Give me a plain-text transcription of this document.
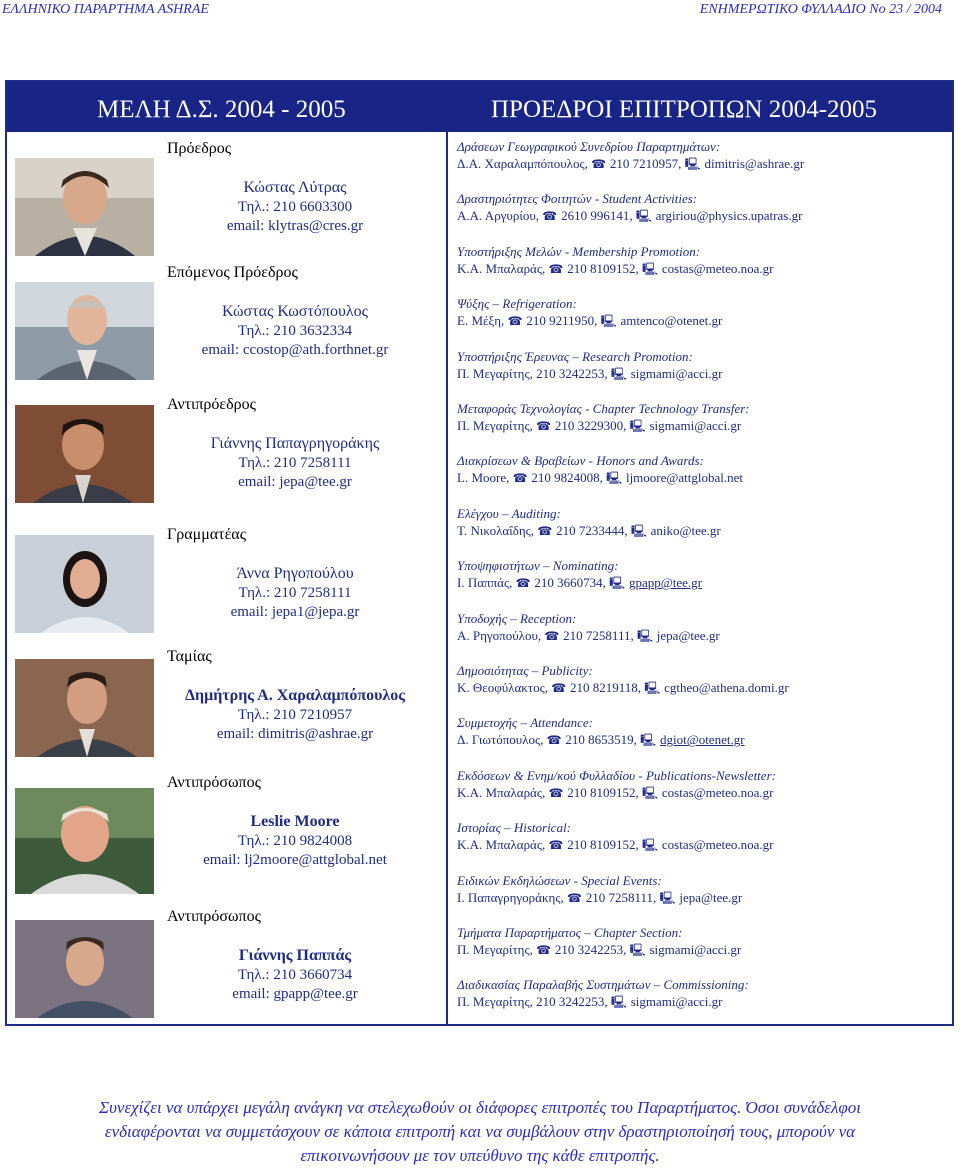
ΕΛΛΗΝΙΚΟ ΠΑΡΑΡΤΗΜΑ ASHRAE	ΕΝΗΜΕΡΩΤΙΚΟ ΦΥΛΛΑΔΙΟ Νο 23 / 2004
ΜΕΛΗ Δ.Σ. 2004 - 2005	ΠΡΟΕΔΡΟΙ ΕΠΙΤΡΟΠΩΝ 2004-2005
Πρόεδρος
Κώστας Λύτρας
Τηλ.: 210 6603300
email: klytras@cres.gr
Επόμενος Πρόεδρος
Κώστας Κωστόπουλος
Τηλ.: 210 3632334
email: ccostop@ath.forthnet.gr
Αντιπρόεδρος
Γιάννης Παπαγρηγοράκης
Τηλ.: 210 7258111
email: jepa@tee.gr
Γραμματέας
Άννα Ρηγοπούλου
Τηλ.: 210 7258111
email: jepa1@jepa.gr
Ταμίας
Δημήτρης Α. Χαραλαμπόπουλος
Τηλ.: 210 7210957
email: dimitris@ashrae.gr
Αντιπρόσωπος
Leslie Moore
Τηλ.: 210 9824008
email: lj2moore@attglobal.net
Αντιπρόσωπος
Γιάννης Παππάς
Τηλ.: 210 3660734
email: gpapp@tee.gr
Δράσεων Γεωγραφικού Συνεδρίου Παραρτημάτων:
Δ.Α. Χαραλαμπόπουλος, ☎ 210 7210957, 🖳 dimitris@ashrae.gr
Δραστηριότητες Φοιτητών - Student Activities:
Α.Α. Αργυρίου, ☎ 2610 996141, 🖳 argiriou@physics.upatras.gr
Υποστήριξης Μελών - Membership Promotion:
Κ.Α. Μπαλαράς, ☎ 210 8109152, 🖳 costas@meteo.noa.gr
Ψύξης – Refrigeration:
Ε. Μέξη, ☎ 210 9211950, 🖳 amtenco@otenet.gr
Υποστήριξης Έρευνας – Research Promotion:
Π. Μεγαρίτης, 210 3242253, 🖳 sigmami@acci.gr
Μεταφοράς Τεχνολογίας - Chapter Technology Transfer:
Π. Μεγαρίτης, ☎ 210 3229300, 🖳 sigmami@acci.gr
Διακρίσεων & Βραβείων - Honors and Awards:
L. Moore, ☎ 210 9824008, 🖳 ljmoore@attglobal.net
Ελέγχου – Auditing:
Τ. Νικολαΐδης, ☎ 210 7233444, 🖳 aniko@tee.gr
Υποψηφιοτήτων – Nominating:
Ι. Παππάς, ☎ 210 3660734, 🖳 gpapp@tee.gr
Υποδοχής – Reception:
Α. Ρηγοπούλου, ☎ 210 7258111, 🖳 jepa@tee.gr
Δημοσιότητας – Publicity:
Κ. Θεοφύλακτος, ☎ 210 8219118, 🖳 cgtheo@athena.domi.gr
Συμμετοχής – Attendance:
Δ. Γιωτόπουλος, ☎ 210 8653519, 🖳 dgiot@otenet.gr
Εκδόσεων & Ενημ/κού Φυλλαδίου - Publications-Newsletter:
Κ.Α. Μπαλαράς, ☎ 210 8109152, 🖳 costas@meteo.noa.gr
Ιστορίας – Historical:
Κ.Α. Μπαλαράς, ☎ 210 8109152, 🖳 costas@meteo.noa.gr
Ειδικών Εκδηλώσεων - Special Events:
Ι. Παπαγρηγοράκης, ☎ 210 7258111, 🖳 jepa@tee.gr
Τμήματα Παραρτήματος – Chapter Section:
Π. Μεγαρίτης, ☎ 210 3242253, 🖳 sigmami@acci.gr
Διαδικασίας Παραλαβής Συστημάτων – Commissioning:
Π. Μεγαρίτης, 210 3242253, 🖳 sigmami@acci.gr
Συνεχίζει να υπάρχει μεγάλη ανάγκη να στελεχωθούν οι διάφορες επιτροπές του Παραρτήματος. Όσοι συνάδελφοι
ενδιαφέρονται να συμμετάσχουν σε κάποια επιτροπή και να συμβάλουν στην δραστηριοποίησή τους, μπορούν να
επικοινωνήσουν με τον υπεύθυνο της κάθε επιτροπής.
